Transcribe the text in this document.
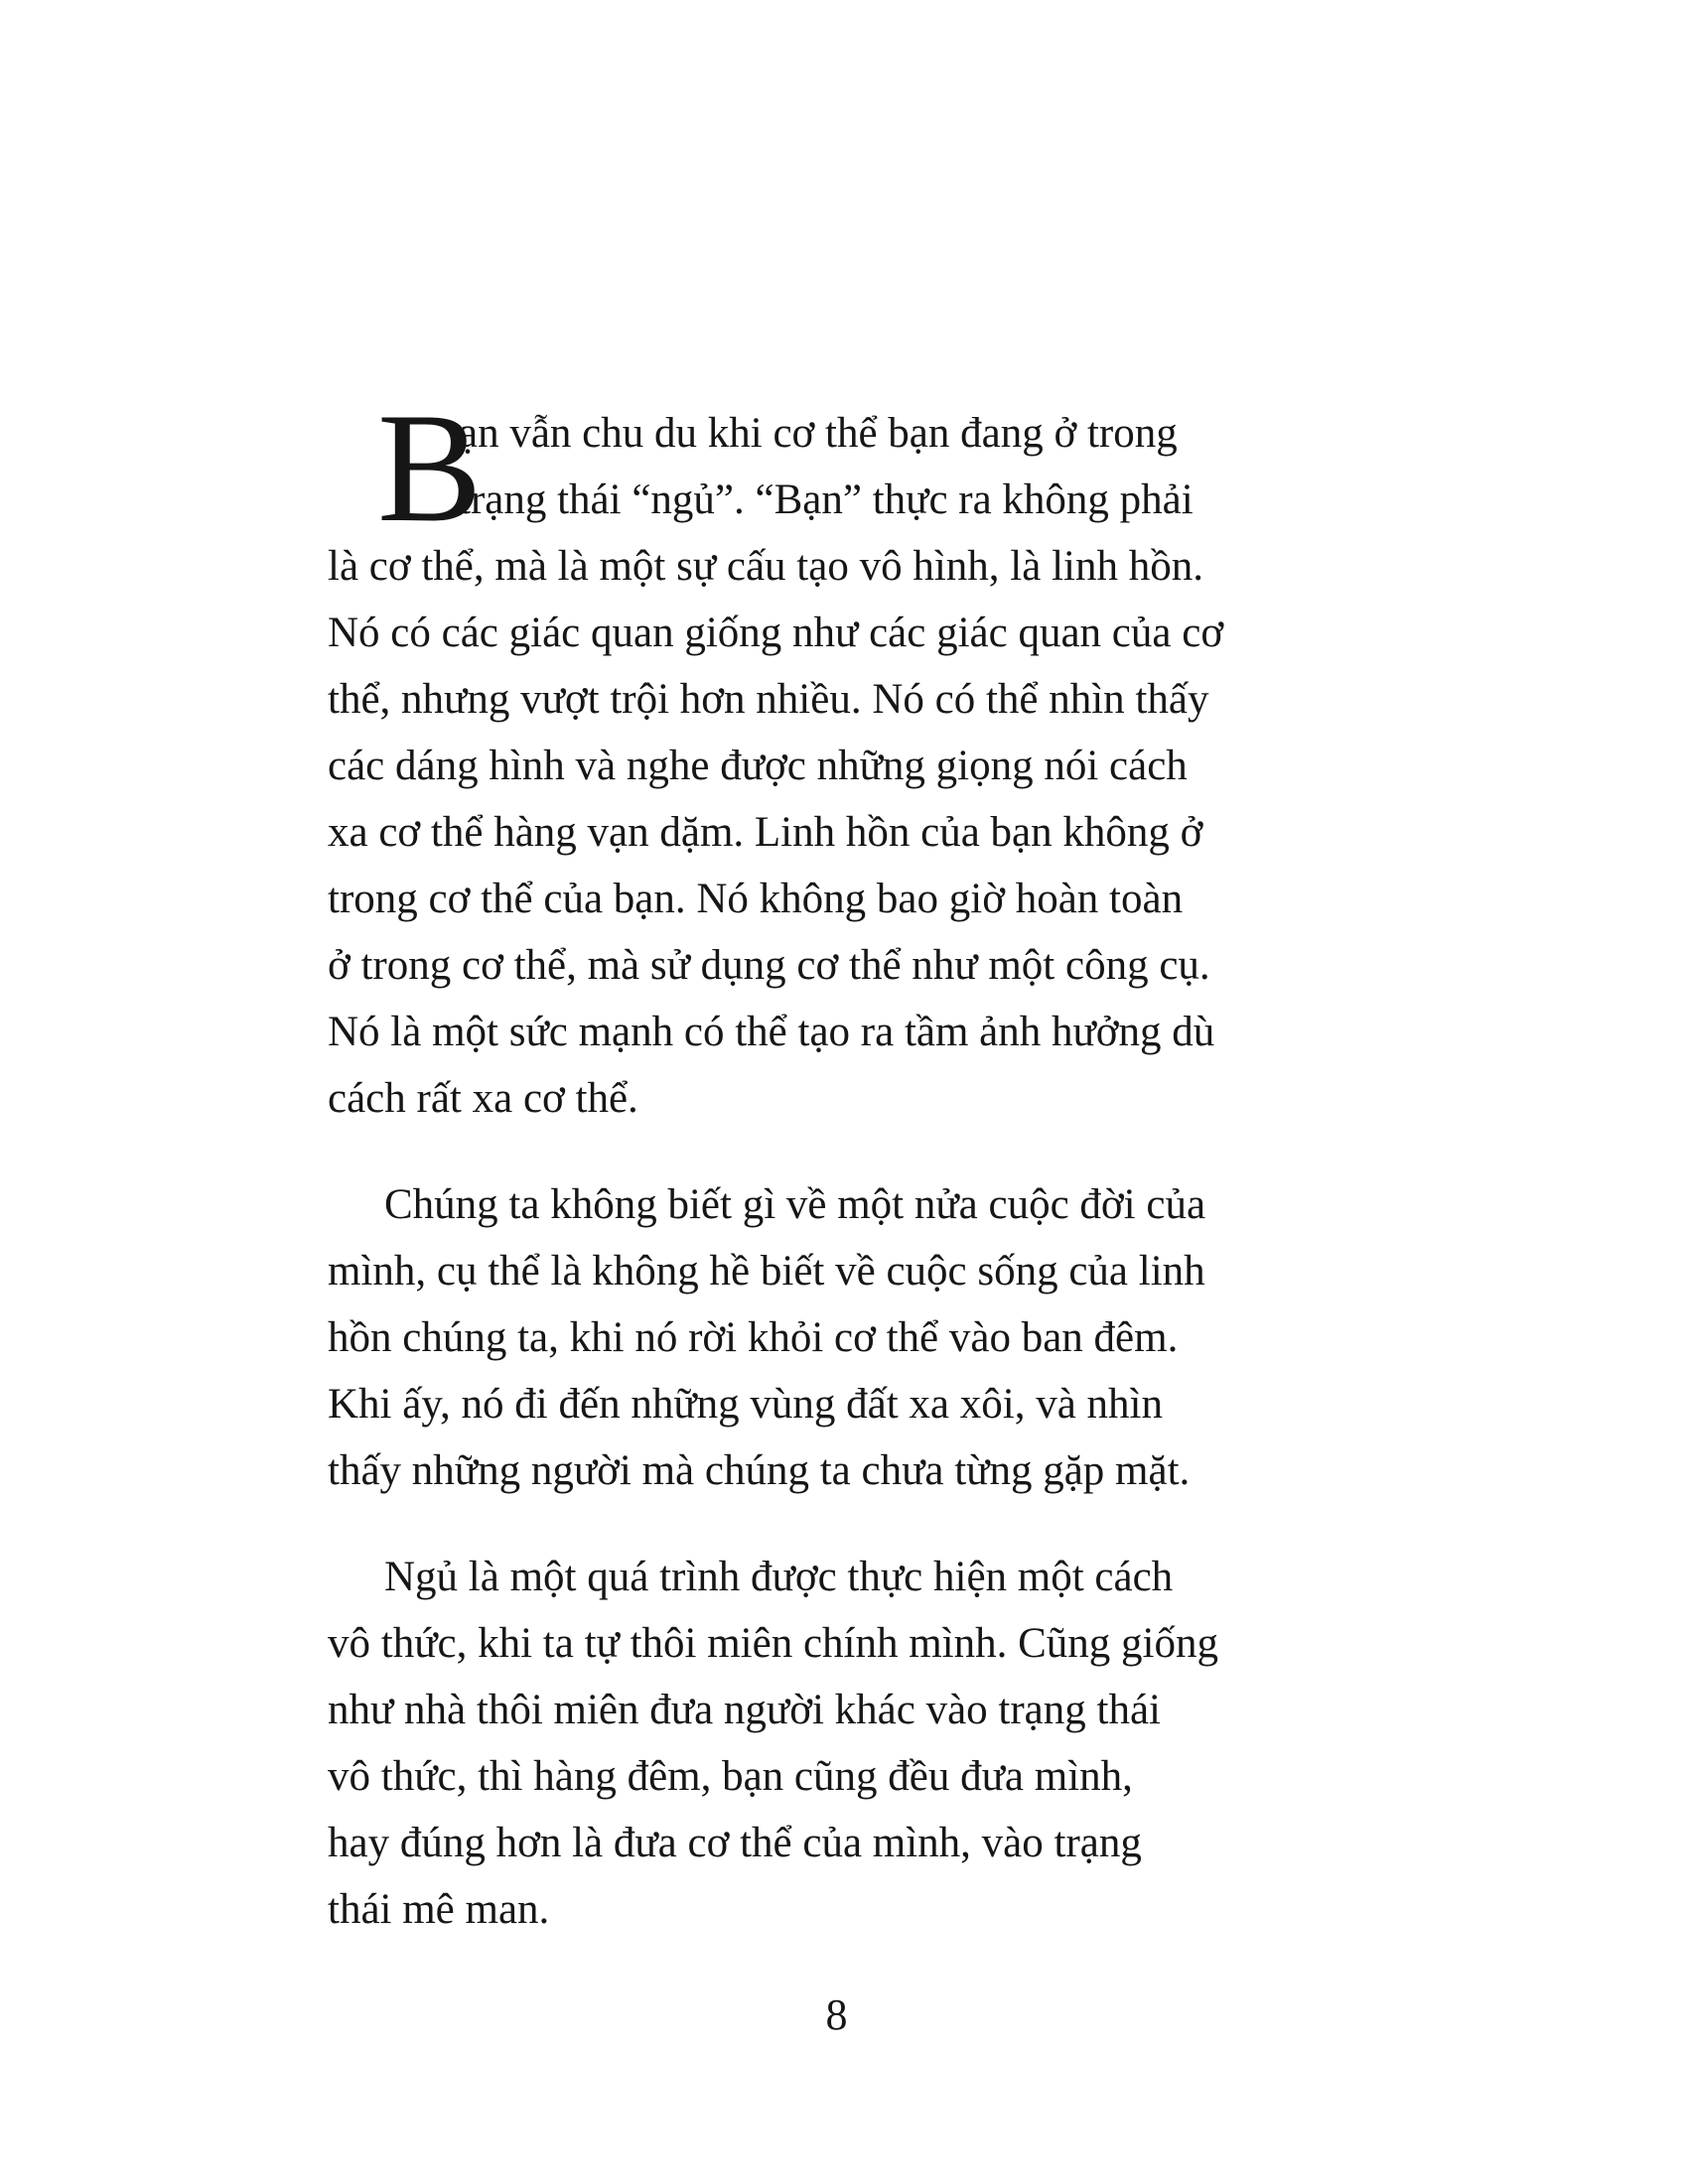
B
ạn vẫn chu du khi cơ thể bạn đang ở trong
trạng thái “ngủ”. “Bạn” thực ra không phải
là cơ thể, mà là một sự cấu tạo vô hình, là linh hồn.
Nó có các giác quan giống như các giác quan của cơ
thể, nhưng vượt trội hơn nhiều. Nó có thể nhìn thấy
các dáng hình và nghe được những giọng nói cách
xa cơ thể hàng vạn dặm. Linh hồn của bạn không ở
trong cơ thể của bạn. Nó không bao giờ hoàn toàn
ở trong cơ thể, mà sử dụng cơ thể như một công cụ.
Nó là một sức mạnh có thể tạo ra tầm ảnh hưởng dù
cách rất xa cơ thể.
Chúng ta không biết gì về một nửa cuộc đời của
mình, cụ thể là không hề biết về cuộc sống của linh
hồn chúng ta, khi nó rời khỏi cơ thể vào ban đêm.
Khi ấy, nó đi đến những vùng đất xa xôi, và nhìn
thấy những người mà chúng ta chưa từng gặp mặt.
Ngủ là một quá trình được thực hiện một cách
vô thức, khi ta tự thôi miên chính mình. Cũng giống
như nhà thôi miên đưa người khác vào trạng thái
vô thức, thì hàng đêm, bạn cũng đều đưa mình,
hay đúng hơn là đưa cơ thể của mình, vào trạng
thái mê man.
8
